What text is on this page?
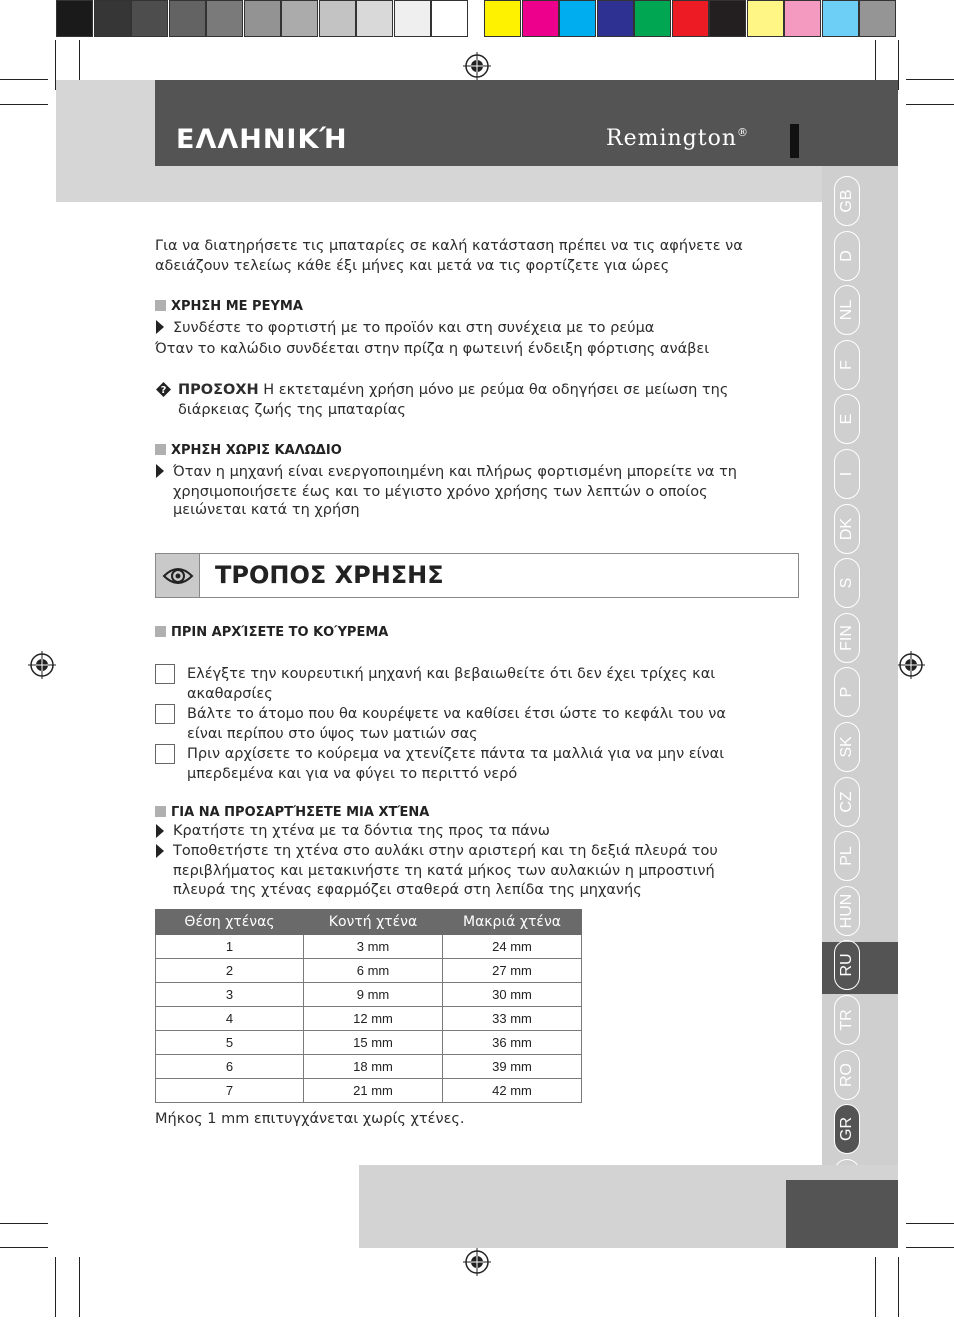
ΕΛΛΗΝΙΚΉ	Remington®
GB
D
NL
F
E
I
DK
S
FIN
P
SK
CZ
PL
HUN
RU
TR
RO
GR
AE
Για να διατηρήσετε τις μπαταρίες σε καλή κατάσταση πρέπει να τις αφήνετε να
αδειάζουν τελείως κάθε έξι μήνες και μετά να τις φορτίζετε για ώρες
ΧΡΗΣΗ ΜΕ ΡΕΥΜΑ
Συνδέστε το φορτιστή με το προϊόν και στη συνέχεια με το ρεύμα
Όταν το καλώδιο συνδέεται στην πρίζα η φωτεινή ένδειξη φόρτισης ανάβει
? ΠΡΟΣΟΧΗ Η εκτεταμένη χρήση μόνο με ρεύμα θα οδηγήσει σε μείωση της
διάρκειας ζωής της μπαταρίας
ΧΡΗΣΗ ΧΩΡΙΣ ΚΑΛΩΔΙΟ
Όταν η μηχανή είναι ενεργοποιημένη και πλήρως φορτισμένη μπορείτε να τη
χρησιμοποιήσετε έως και το μέγιστο χρόνο χρήσης των λεπτών ο οποίος
μειώνεται κατά τη χρήση
ΤΡΟΠΟΣ ΧΡΗΣΗΣ
ΠΡΙΝ ΑΡΧΊΣΕΤΕ ΤΟ ΚΟΎΡΕΜΑ
Ελέγξτε την κουρευτική μηχανή και βεβαιωθείτε ότι δεν έχει τρίχες και
ακαθαρσίες
Βάλτε το άτομο που θα κουρέψετε να καθίσει έτσι ώστε το κεφάλι του να
είναι περίπου στο ύψος των ματιών σας
Πριν αρχίσετε το κούρεμα να χτενίζετε πάντα τα μαλλιά για να μην είναι
μπερδεμένα και για να φύγει το περιττό νερό
ΓΙΑ ΝΑ ΠΡΟΣΑΡΤΉΣΕΤΕ ΜΙΑ ΧΤΈΝΑ
Κρατήστε τη χτένα με τα δόντια της προς τα πάνω
Τοποθετήστε τη χτένα στο αυλάκι στην αριστερή και τη δεξιά πλευρά του
περιβλήματος και μετακινήστε τη κατά μήκος των αυλακιών η μπροστινή
πλευρά της χτένας εφαρμόζει σταθερά στη λεπίδα της μηχανής
Θέση χτένας	Κοντή χτένα	Μακριά χτένα
1	3 mm	24 mm
2	6 mm	27 mm
3	9 mm	30 mm
4	12 mm	33 mm
5	15 mm	36 mm
6	18 mm	39 mm
7	21 mm	42 mm
Μήκος 1 mm επιτυγχάνεται χωρίς χτένες.
